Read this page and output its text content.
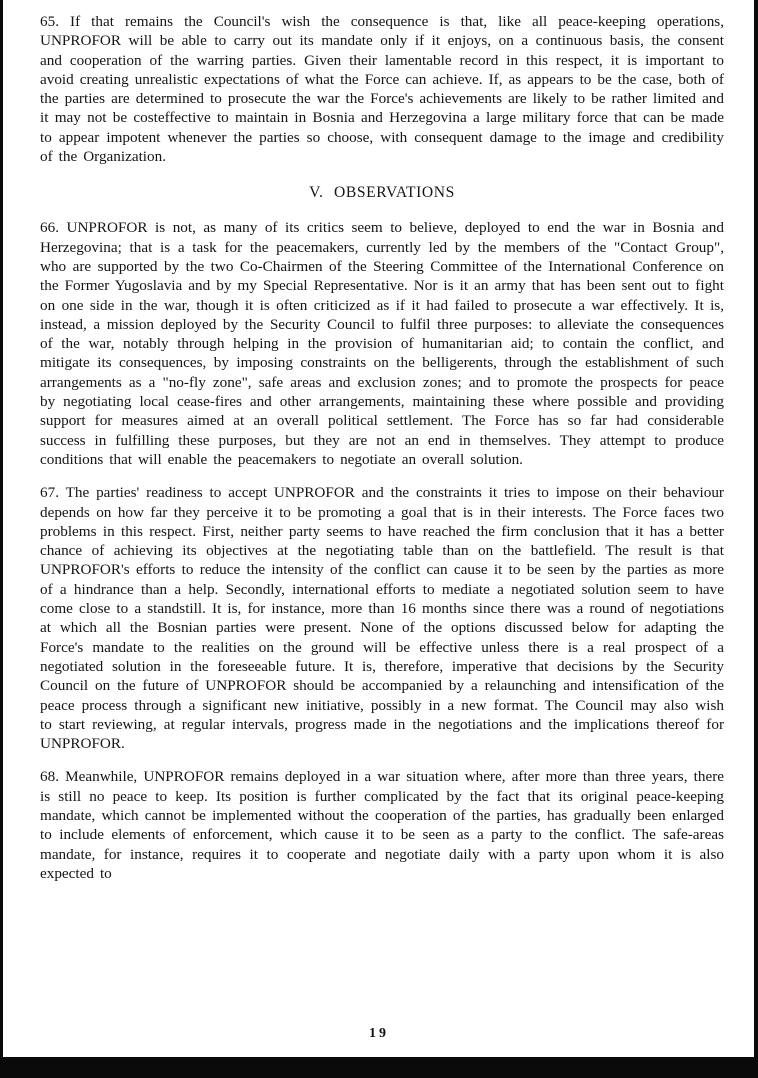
65. If that remains the Council's wish the consequence is that, like all peace-keeping operations, UNPROFOR will be able to carry out its mandate only if it enjoys, on a continuous basis, the consent and cooperation of the warring parties. Given their lamentable record in this respect, it is important to avoid creating unrealistic expectations of what the Force can achieve. If, as appears to be the case, both of the parties are determined to prosecute the war the Force's achievements are likely to be rather limited and it may not be costeffective to maintain in Bosnia and Herzegovina a large military force that can be made to appear impotent whenever the parties so choose, with consequent damage to the image and credibility of the Organization.

V. OBSERVATIONS

66. UNPROFOR is not, as many of its critics seem to believe, deployed to end the war in Bosnia and Herzegovina; that is a task for the peacemakers, currently led by the members of the "Contact Group", who are supported by the two Co-Chairmen of the Steering Committee of the International Conference on the Former Yugoslavia and by my Special Representative. Nor is it an army that has been sent out to fight on one side in the war, though it is often criticized as if it had failed to prosecute a war effectively. It is, instead, a mission deployed by the Security Council to fulfil three purposes: to alleviate the consequences of the war, notably through helping in the provision of humanitarian aid; to contain the conflict, and mitigate its consequences, by imposing constraints on the belligerents, through the establishment of such arrangements as a "no-fly zone", safe areas and exclusion zones; and to promote the prospects for peace by negotiating local cease-fires and other arrangements, maintaining these where possible and providing support for measures aimed at an overall political settlement. The Force has so far had considerable success in fulfilling these purposes, but they are not an end in themselves. They attempt to produce conditions that will enable the peacemakers to negotiate an overall solution.

67. The parties' readiness to accept UNPROFOR and the constraints it tries to impose on their behaviour depends on how far they perceive it to be promoting a goal that is in their interests. The Force faces two problems in this respect. First, neither party seems to have reached the firm conclusion that it has a better chance of achieving its objectives at the negotiating table than on the battlefield. The result is that UNPROFOR's efforts to reduce the intensity of the conflict can cause it to be seen by the parties as more of a hindrance than a help. Secondly, international efforts to mediate a negotiated solution seem to have come close to a standstill. It is, for instance, more than 16 months since there was a round of negotiations at which all the Bosnian parties were present. None of the options discussed below for adapting the Force's mandate to the realities on the ground will be effective unless there is a real prospect of a negotiated solution in the foreseeable future. It is, therefore, imperative that decisions by the Security Council on the future of UNPROFOR should be accompanied by a relaunching and intensification of the peace process through a significant new initiative, possibly in a new format. The Council may also wish to start reviewing, at regular intervals, progress made in the negotiations and the implications thereof for UNPROFOR.

68. Meanwhile, UNPROFOR remains deployed in a war situation where, after more than three years, there is still no peace to keep. Its position is further complicated by the fact that its original peace-keeping mandate, which cannot be implemented without the cooperation of the parties, has gradually been enlarged to include elements of enforcement, which cause it to be seen as a party to the conflict. The safe-areas mandate, for instance, requires it to cooperate and negotiate daily with a party upon whom it is also expected to

19
